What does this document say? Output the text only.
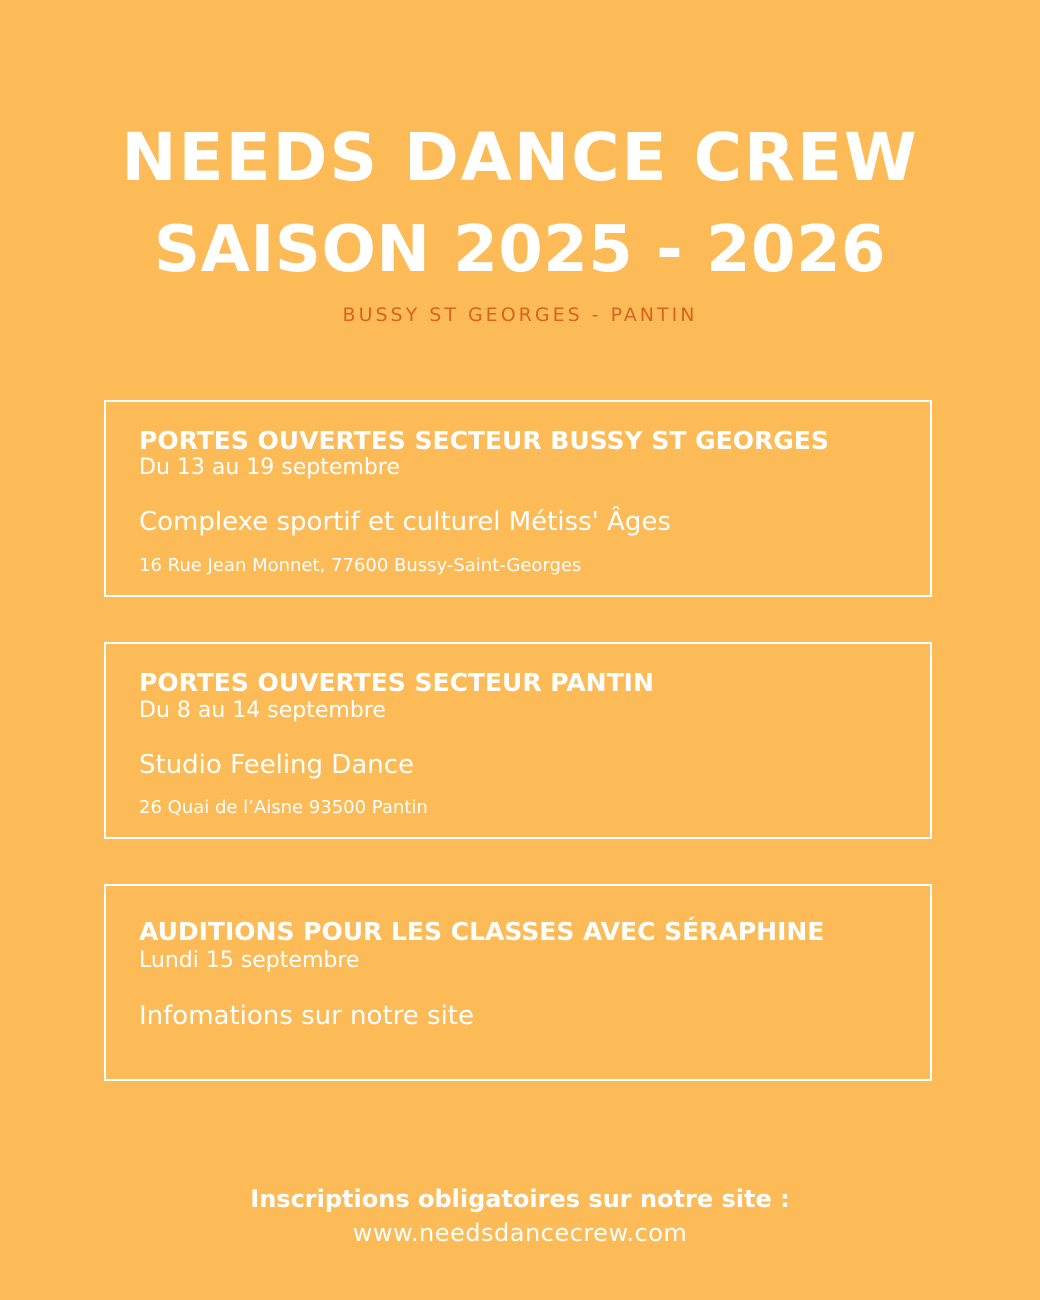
NEEDS DANCE CREW
SAISON 2025 - 2026
BUSSY ST GEORGES - PANTIN
PORTES OUVERTES SECTEUR BUSSY ST GEORGES
Du 13 au 19 septembre
Complexe sportif et culturel Métiss' Âges
16 Rue Jean Monnet, 77600 Bussy-Saint-Georges
PORTES OUVERTES SECTEUR PANTIN
Du 8 au 14 septembre
Studio Feeling Dance
26 Quai de l’Aisne 93500 Pantin
AUDITIONS POUR LES CLASSES AVEC SÉRAPHINE
Lundi 15 septembre
Infomations sur notre site
Inscriptions obligatoires sur notre site :
www.needsdancecrew.com
